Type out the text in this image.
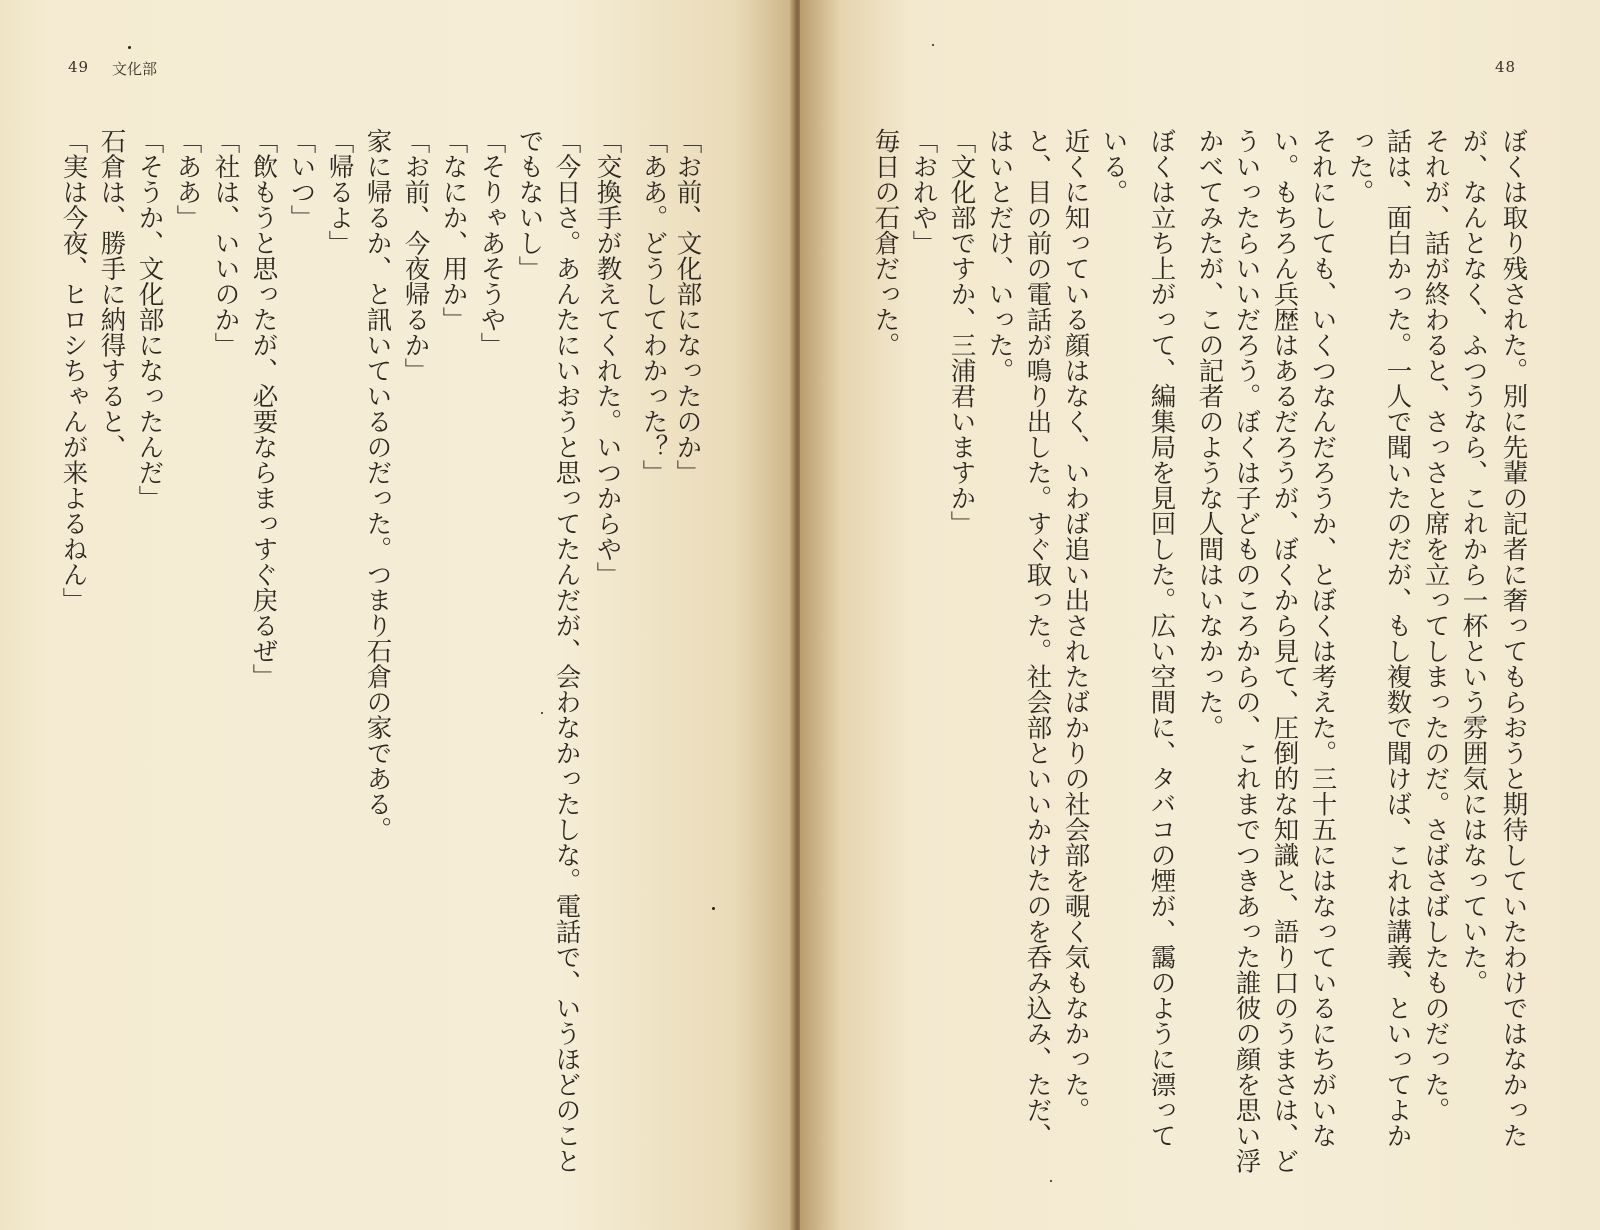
49 文化部
「お前、文化部になったのか」
「ああ。どうしてわかった？」
「交換手が教えてくれた。いつからや」
「今日さ。あんたにいおうと思ってたんだが、会わなかったしな。電話で、いうほどのこと
でもないし」
「そりゃあそうや」
「なにか、用か」
「お前、今夜帰るか」
家に帰るか、と訊いているのだった。つまり石倉の家である。
「帰るよ」
「いつ」
「飲もうと思ったが、必要ならまっすぐ戻るぜ」
「社は、いいのか」
「ああ」
「そうか、文化部になったんだ」
石倉は、勝手に納得すると、
「実は今夜、ヒロシちゃんが来よるねん」
48
ぼくは取り残された。別に先輩の記者に奢ってもらおうと期待していたわけではなかった
が、なんとなく、ふつうなら、これから一杯という雰囲気にはなっていた。
それが、話が終わると、さっさと席を立ってしまったのだ。さばさばしたものだった。
話は、面白かった。一人で聞いたのだが、もし複数で聞けば、これは講義、といってよか
った。
それにしても、いくつなんだろうか、とぼくは考えた。三十五にはなっているにちがいな
い。もちろん兵歴はあるだろうが、ぼくから見て、圧倒的な知識と、語り口のうまさは、ど
ういったらいいだろう。ぼくは子どものころからの、これまでつきあった誰彼の顔を思い浮
かべてみたが、この記者のような人間はいなかった。
ぼくは立ち上がって、編集局を見回した。広い空間に、タバコの煙が、靄のように漂って
いる。
近くに知っている顔はなく、いわば追い出されたばかりの社会部を覗く気もなかった。
と、目の前の電話が鳴り出した。すぐ取った。社会部といいかけたのを呑み込み、ただ、
はいとだけ、いった。
「文化部ですか、三浦君いますか」
「おれや」
毎日の石倉だった。
